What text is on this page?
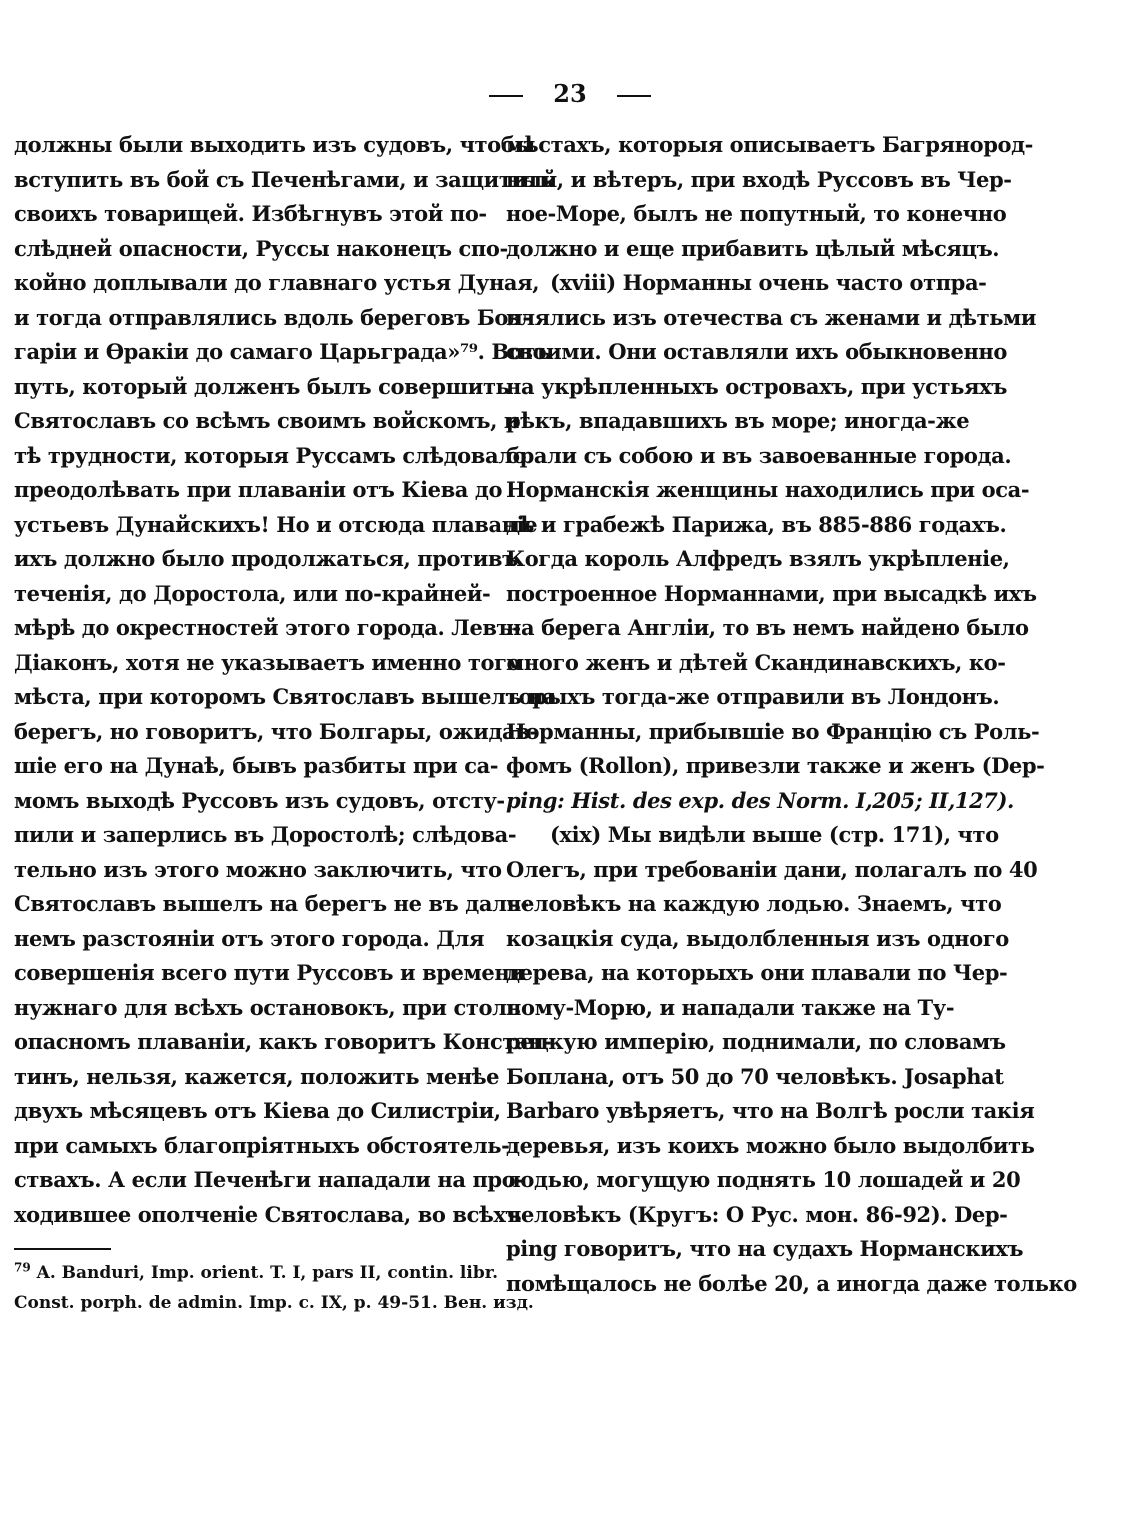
23
должны были выходить изъ судовъ, чтобы
вступить въ бой съ Печенѣгами, и защитить
своихъ товарищей. Избѣгнувъ этой по-
слѣдней опасности, Руссы наконецъ спо-
койно доплывали до главнаго устья Дуная,
и тогда отправлялись вдоль береговъ Бол-
гаріи и Ѳракіи до самаго Царьграда»⁷⁹. Вотъ
путь, который долженъ былъ совершить
Святославъ со всѣмъ своимъ войскомъ, и
тѣ трудности, которыя Руссамъ слѣдовало
преодолѣвать при плаваніи отъ Кіева до
устьевъ Дунайскихъ! Но и отсюда плаваніе
ихъ должно было продолжаться, противъ
теченія, до Доростола, или по-крайней-
мѣрѣ до окрестностей этого города. Левъ-
Діаконъ, хотя не указываетъ именно того
мѣста, при которомъ Святославъ вышелъ на
берегъ, но говоритъ, что Болгары, ожидав-
шіе его на Дунаѣ, бывъ разбиты при са-
момъ выходѣ Руссовъ изъ судовъ, отсту-
пили и заперлись въ Доростолѣ; слѣдова-
тельно изъ этого можно заключить, что
Святославъ вышелъ на берегъ не въ даль-
немъ разстояніи отъ этого города. Для
совершенія всего пути Руссовъ и времени
нужнаго для всѣхъ остановокъ, при столь
опасномъ плаваніи, какъ говоритъ Констан-
тинъ, нельзя, кажется, положить менѣе
двухъ мѣсяцевъ отъ Кіева до Силистріи,
при самыхъ благопріятныхъ обстоятель-
ствахъ. А если Печенѣги нападали на про-
ходившее ополченіе Святослава, во всѣхъ
мѣстахъ, которыя описываетъ Багрянород-
ный, и вѣтеръ, при входѣ Руссовъ въ Чер-
ное-Море, былъ не попутный, то конечно
должно и еще прибавить цѣлый мѣсяцъ.
(xviii) Норманны очень часто отпра-
влялись изъ отечества съ женами и дѣтьми
своими. Они оставляли ихъ обыкновенно
на укрѣпленныхъ островахъ, при устьяхъ
рѣкъ, впадавшихъ въ море; иногда-же
брали съ собою и въ завоеванные города.
Норманскія женщины находились при оса-
дѣ и грабежѣ Парижа, въ 885-886 годахъ.
Когда король Алфредъ взялъ укрѣпленіе,
построенное Норманнами, при высадкѣ ихъ
на берега Англіи, то въ немъ найдено было
много женъ и дѣтей Скандинавскихъ, ко-
торыхъ тогда-же отправили въ Лондонъ.
Норманны, прибывшіе во Францію съ Роль-
фомъ (Rollon), привезли также и женъ (Dep-
ping: Hist. des exp. des Norm. I,205; II,127).
(xix) Мы видѣли выше (стр. 171), что
Олегъ, при требованіи дани, полагалъ по 40
человѣкъ на каждую лодью. Знаемъ, что
козацкія суда, выдолбленныя изъ одного
дерева, на которыхъ они плавали по Чер-
ному-Морю, и нападали также на Ту-
рецкую имперію, поднимали, по словамъ
Боплана, отъ 50 до 70 человѣкъ. Josaphat
Barbaro увѣряетъ, что на Волгѣ росли такія
деревья, изъ коихъ можно было выдолбить
лодью, могущую поднять 10 лошадей и 20
человѣкъ (Кругъ: О Рус. мон. 86-92). Dep-
ping говоритъ, что на судахъ Норманскихъ
помѣщалось не болѣе 20, а иногда даже только
$^{79}$ A. Banduri, Imp. orient. T. I, pars II, contin. libr.
Const. porph. de admin. Imp. c. IX, p. 49-51. Вен. изд.
